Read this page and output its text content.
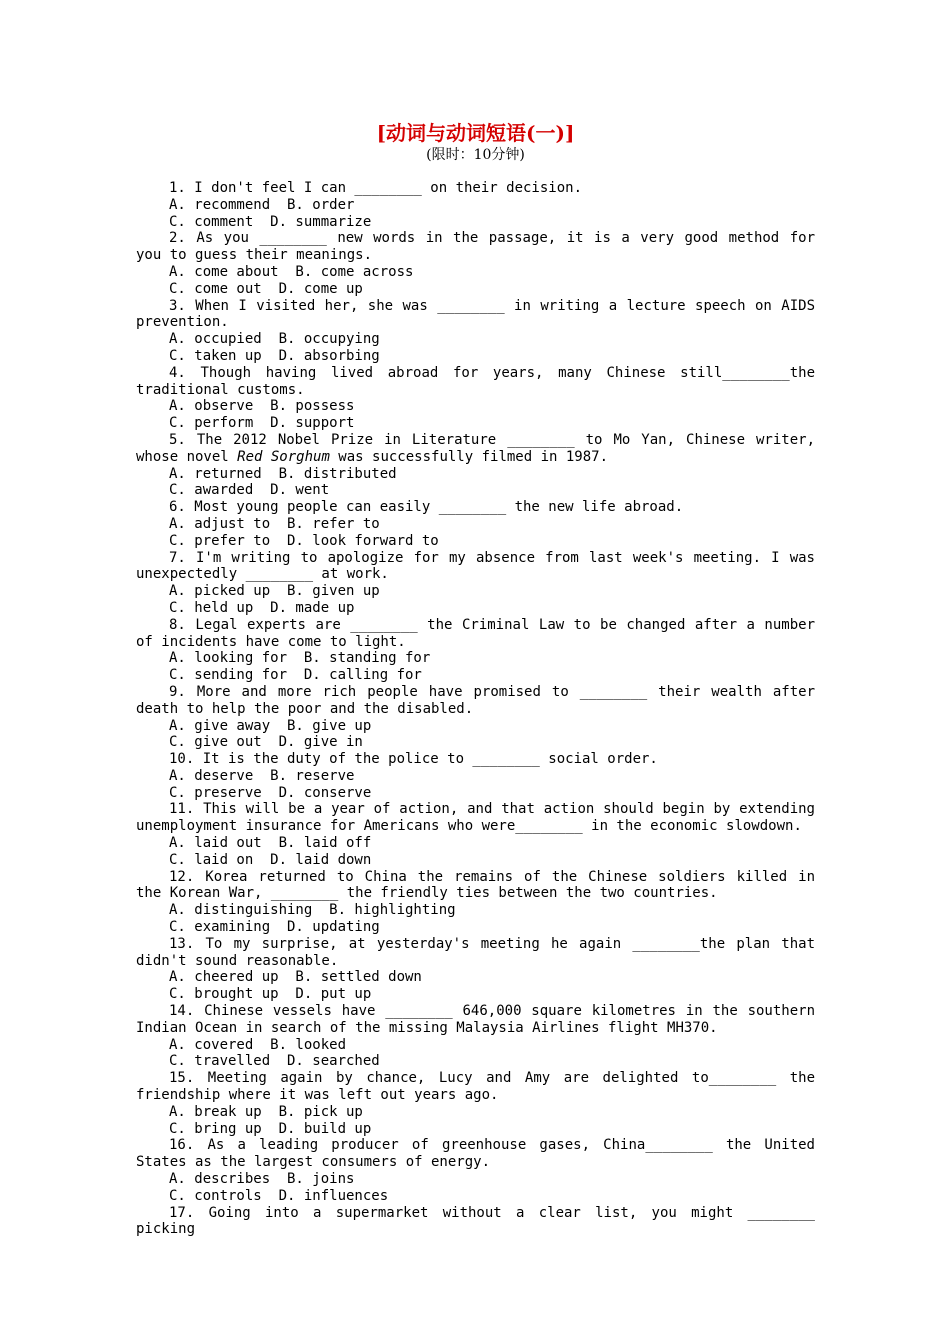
[动词与动词短语(一)]
(限时：10分钟)

1. I don't feel I can ________ on their decision.

A. recommend  B. order

C. comment  D. summarize

2. As you ________ new words in the passage, it is a very good method for you to guess their meanings.

A. come about  B. come across

C. come out  D. come up

3. When I visited her, she was ________ in writing a lecture speech on AIDS prevention.

A. occupied  B. occupying

C. taken up  D. absorbing

4. Though having lived abroad for years, many Chinese still________the traditional customs.

A. observe  B. possess

C. perform  D. support

5. The 2012 Nobel Prize in Literature ________ to Mo Yan, Chinese writer, whose novel Red Sorghum was successfully filmed in 1987.

A. returned  B. distributed

C. awarded  D. went

6. Most young people can easily ________ the new life abroad.

A. adjust to  B. refer to

C. prefer to  D. look forward to

7. I'm writing to apologize for my absence from last week's meeting. I was unexpectedly ________ at work.

A. picked up  B. given up

C. held up  D. made up

8. Legal experts are ________ the Criminal Law to be changed after a number of incidents have come to light.

A. looking for  B. standing for

C. sending for  D. calling for

9. More and more rich people have promised to ________ their wealth after death to help the poor and the disabled.

A. give away  B. give up

C. give out  D. give in

10. It is the duty of the police to ________ social order.

A. deserve  B. reserve

C. preserve  D. conserve

11. This will be a year of action, and that action should begin by extending unemployment insurance for Americans who were________ in the economic slowdown.

A. laid out  B. laid off

C. laid on  D. laid down

12. Korea returned to China the remains of the Chinese soldiers killed in the Korean War, ________ the friendly ties between the two countries.

A. distinguishing  B. highlighting

C. examining  D. updating

13. To my surprise, at yesterday's meeting he again ________the plan that didn't sound reasonable.

A. cheered up  B. settled down

C. brought up  D. put up

14. Chinese vessels have ________ 646,000 square kilometres in the southern Indian Ocean in search of the missing Malaysia Airlines flight MH370.

A. covered  B. looked

C. travelled  D. searched

15. Meeting again by chance, Lucy and Amy are delighted to________ the friendship where it was left out years ago.

A. break up  B. pick up

C. bring up  D. build up

16. As a leading producer of greenhouse gases, China________ the United States as the largest consumers of energy.

A. describes  B. joins

C. controls  D. influences

17. Going into a supermarket without a clear list, you might ________ picking
